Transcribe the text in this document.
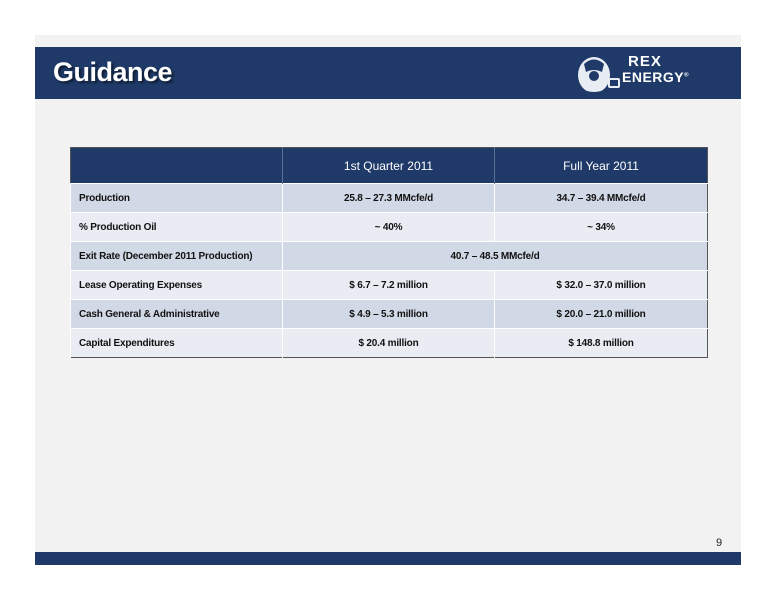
Guidance	REX
ENERGY®
	1st Quarter 2011	Full Year 2011
Production	25.8 – 27.3 MMcfe/d	34.7 – 39.4 MMcfe/d
% Production Oil	~ 40%	~ 34%
Exit Rate (December 2011 Production)	40.7 – 48.5 MMcfe/d	
Lease Operating Expenses	$ 6.7 – 7.2 million	$ 32.0 – 37.0 million
Cash General & Administrative	$ 4.9 – 5.3 million	$ 20.0 – 21.0 million
Capital Expenditures	$ 20.4 million	$ 148.8 million
9
